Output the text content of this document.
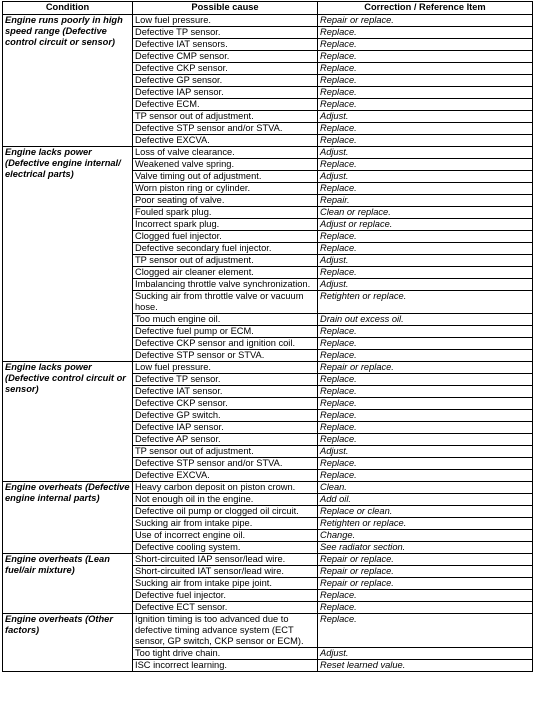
Condition	Possible cause	Correction / Reference Item
Engine runs poorly in high speed range (Defective control circuit or sensor)	Low fuel pressure.	Repair or replace.
	Defective TP sensor.	Replace.
	Defective IAT sensors.	Replace.
	Defective CMP sensor.	Replace.
	Defective CKP sensor.	Replace.
	Defective GP sensor.	Replace.
	Defective IAP sensor.	Replace.
	Defective ECM.	Replace.
	TP sensor out of adjustment.	Adjust.
	Defective STP sensor and/or STVA.	Replace.
	Defective EXCVA.	Replace.
Engine lacks power (Defective engine internal/ electrical parts)	Loss of valve clearance.	Adjust.
	Weakened valve spring.	Replace.
	Valve timing out of adjustment.	Adjust.
	Worn piston ring or cylinder.	Replace.
	Poor seating of valve.	Repair.
	Fouled spark plug.	Clean or replace.
	Incorrect spark plug.	Adjust or replace.
	Clogged fuel injector.	Replace.
	Defective secondary fuel injector.	Replace.
	TP sensor out of adjustment.	Adjust.
	Clogged air cleaner element.	Replace.
	Imbalancing throttle valve synchronization.	Adjust.
	Sucking air from throttle valve or vacuum hose.	Retighten or replace.
	Too much engine oil.	Drain out excess oil.
	Defective fuel pump or ECM.	Replace.
	Defective CKP sensor and ignition coil.	Replace.
	Defective STP sensor or STVA.	Replace.
Engine lacks power (Defective control circuit or sensor)	Low fuel pressure.	Repair or replace.
	Defective TP sensor.	Replace.
	Defective IAT sensor.	Replace.
	Defective CKP sensor.	Replace.
	Defective GP switch.	Replace.
	Defective IAP sensor.	Replace.
	Defective AP sensor.	Replace.
	TP sensor out of adjustment.	Adjust.
	Defective STP sensor and/or STVA.	Replace.
	Defective EXCVA.	Replace.
Engine overheats (Defective engine internal parts)	Heavy carbon deposit on piston crown.	Clean.
	Not enough oil in the engine.	Add oil.
	Defective oil pump or clogged oil circuit.	Replace or clean.
	Sucking air from intake pipe.	Retighten or replace.
	Use of incorrect engine oil.	Change.
	Defective cooling system.	See radiator section.
Engine overheats (Lean fuel/air mixture)	Short-circuited IAP sensor/lead wire.	Repair or replace.
	Short-circuited IAT sensor/lead wire.	Repair or replace.
	Sucking air from intake pipe joint.	Repair or replace.
	Defective fuel injector.	Replace.
	Defective ECT sensor.	Replace.
Engine overheats (Other factors)	Ignition timing is too advanced due to defective timing advance system (ECT sensor, GP switch, CKP sensor or ECM).	Replace.
	Too tight drive chain.	Adjust.
	ISC incorrect learning.	Reset learned value.
